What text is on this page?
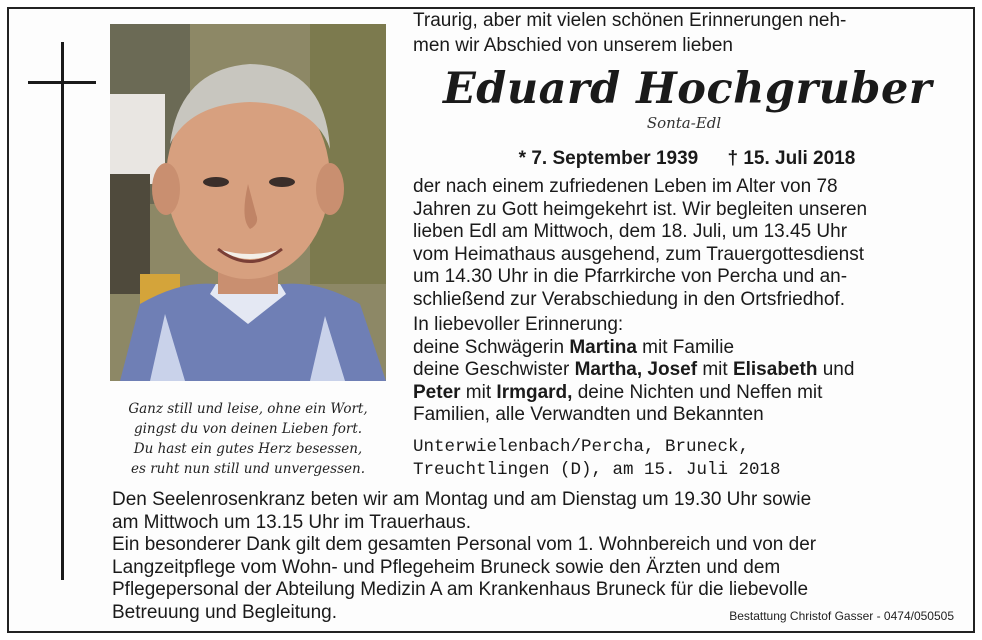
Ganz still und leise, ohne ein Wort,
gingst du von deinen Lieben fort.
Du hast ein gutes Herz besessen,
es ruht nun still und unvergessen.
Traurig, aber mit vielen schönen Erinnerungen neh-
men wir Abschied von unserem lieben
Eduard Hochgruber
Sonta-Edl
* 7. September 1939 † 15. Juli 2018
der nach einem zufriedenen Leben im Alter von 78
Jahren zu Gott heimgekehrt ist. Wir begleiten unseren
lieben Edl am Mittwoch, dem 18. Juli, um 13.45 Uhr
vom Heimathaus ausgehend, zum Trauergottesdienst
um 14.30 Uhr in die Pfarrkirche von Percha und an-
schließend zur Verabschiedung in den Ortsfriedhof.
In liebevoller Erinnerung:
deine Schwägerin Martina mit Familie
deine Geschwister Martha, Josef mit Elisabeth und
Peter mit Irmgard, deine Nichten und Neffen mit
Familien, alle Verwandten und Bekannten
Unterwielenbach/Percha, Bruneck,
Treuchtlingen (D), am 15. Juli 2018
Den Seelenrosenkranz beten wir am Montag und am Dienstag um 19.30 Uhr sowie
am Mittwoch um 13.15 Uhr im Trauerhaus.
Ein besonderer Dank gilt dem gesamten Personal vom 1. Wohnbereich und von der
Langzeitpflege vom Wohn- und Pflegeheim Bruneck sowie den Ärzten und dem
Pflegepersonal der Abteilung Medizin A am Krankenhaus Bruneck für die liebevolle
Betreuung und Begleitung.	Bestattung Christof Gasser - 0474/050505
